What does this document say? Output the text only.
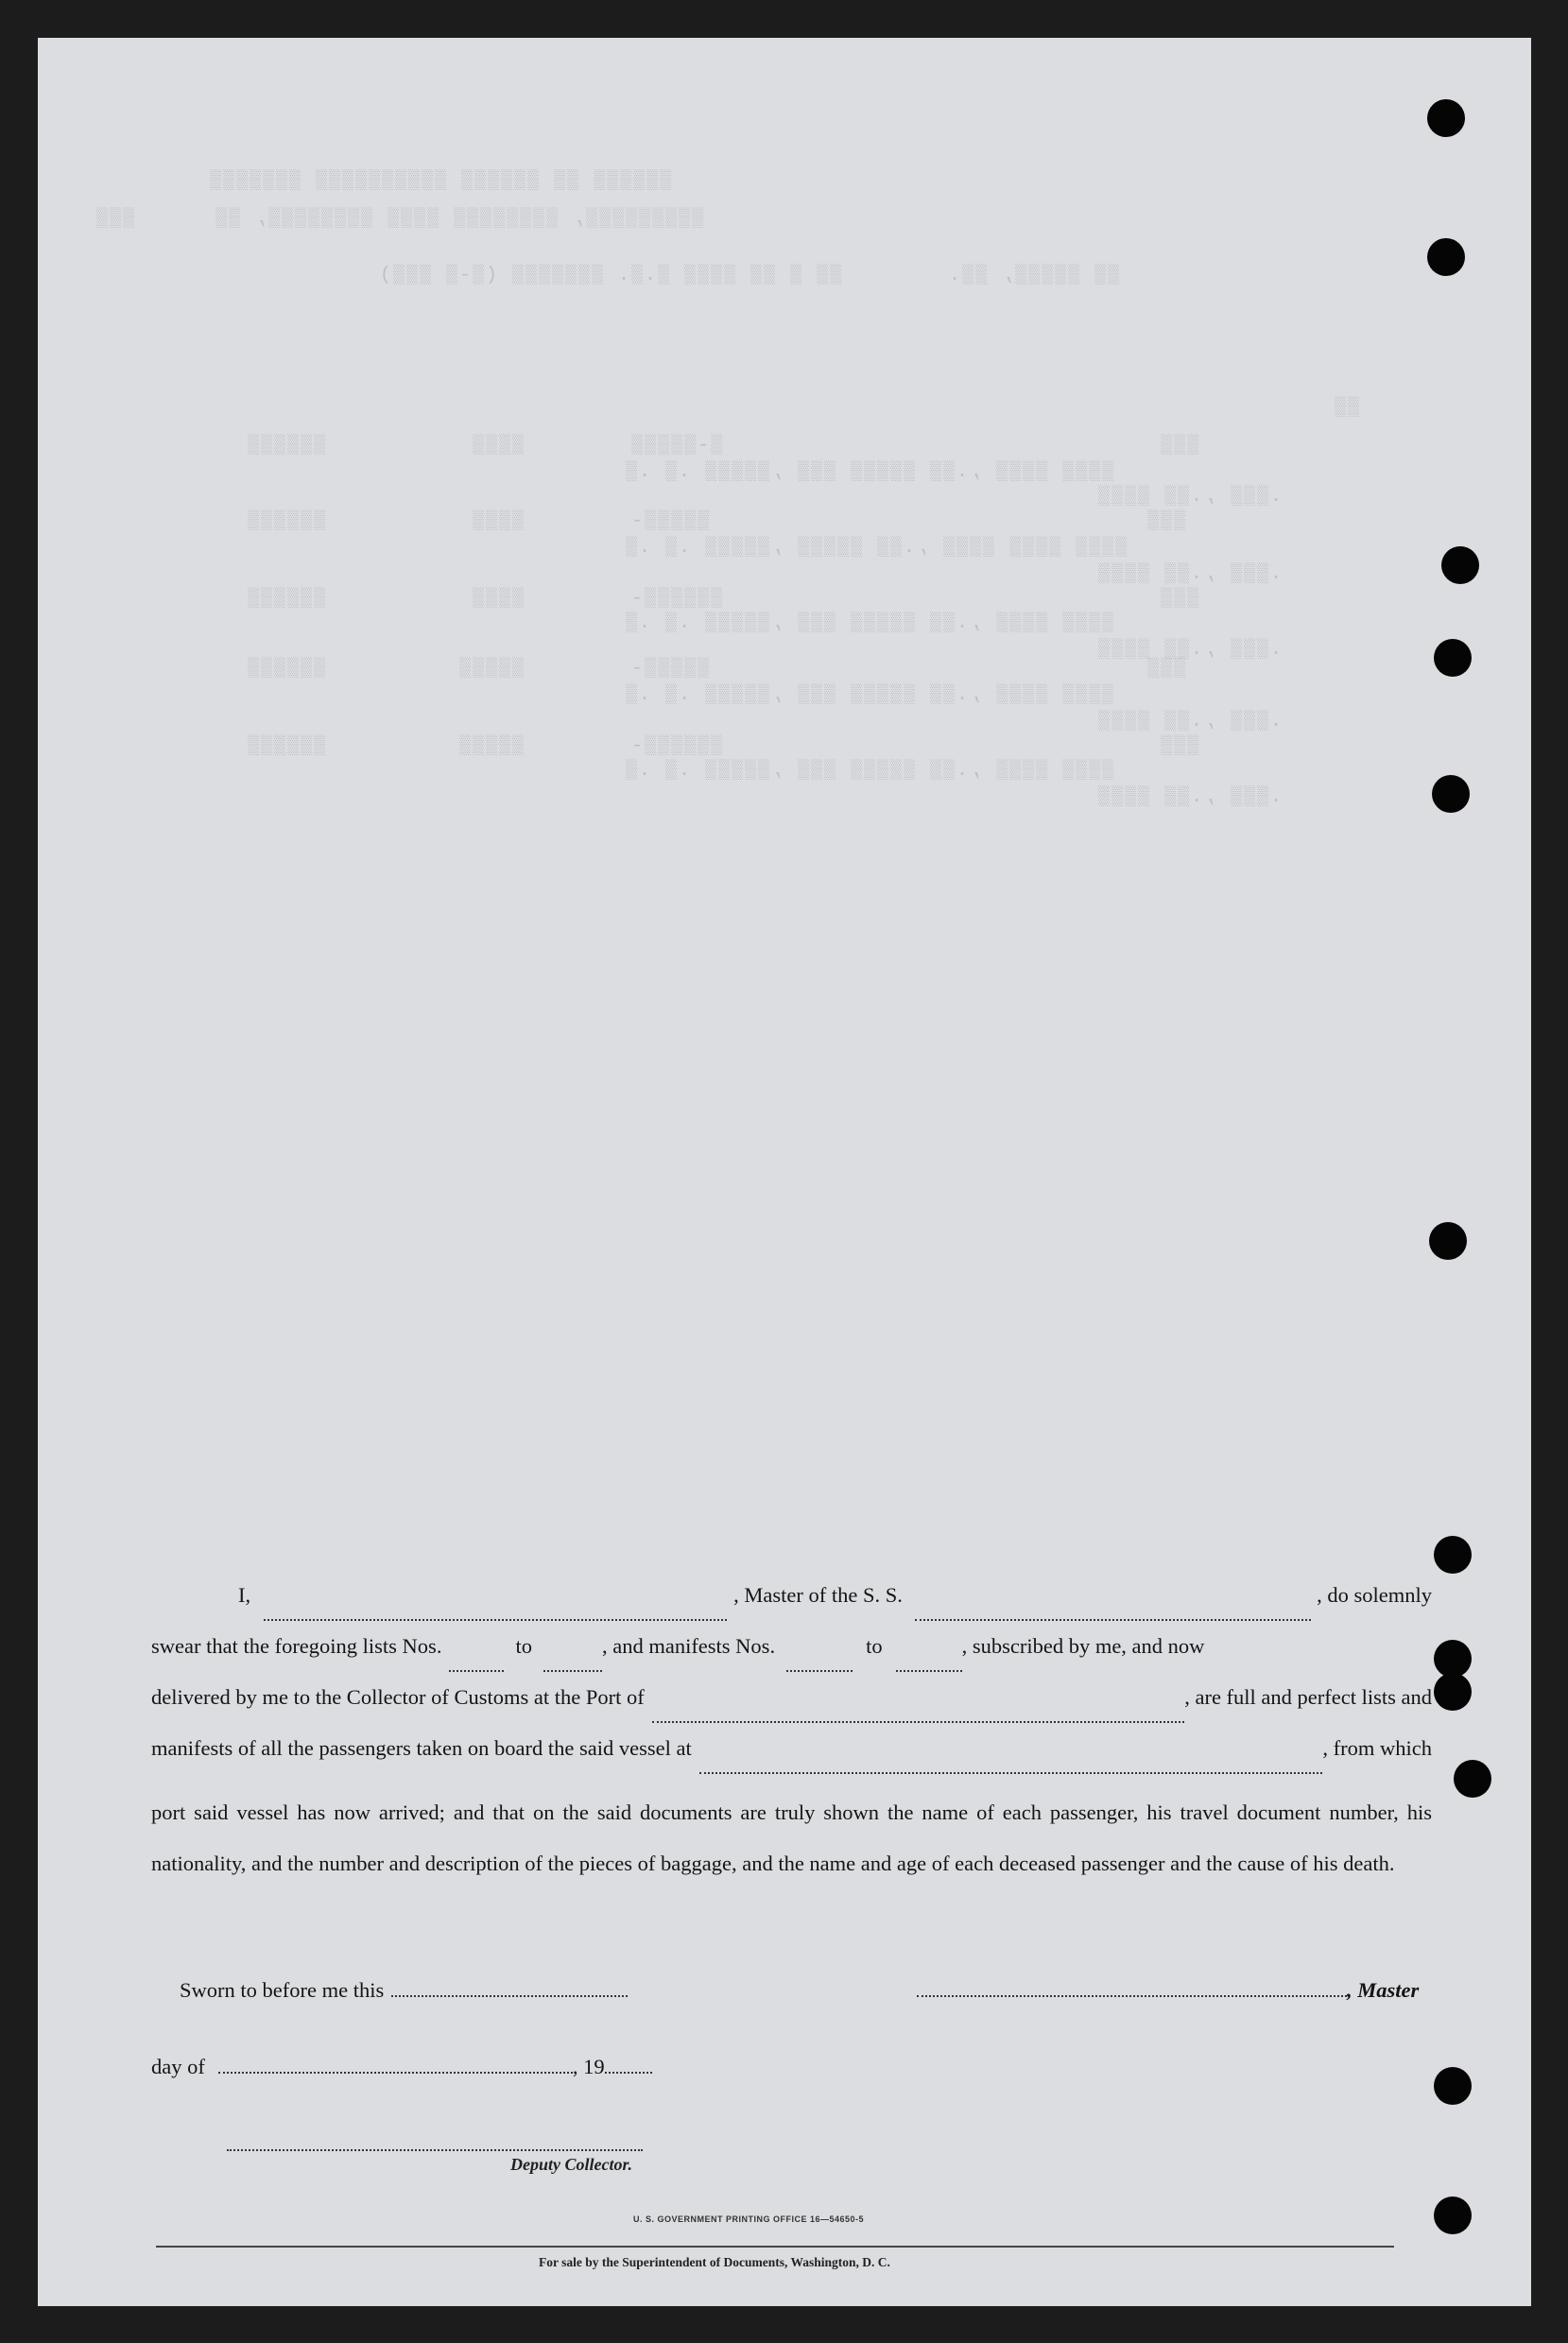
▒▒▒▒▒▒ ▒▒ ▒▒▒▒▒▒ ▒▒▒▒▒▒▒▒▒▒ ▒▒▒▒▒▒▒
▒▒▒▒▒▒▒▒▒, ▒▒▒▒▒▒▒▒ ▒▒▒▒ ▒▒▒▒▒▒▒▒, ▒▒      ▒▒▒
▒▒ ▒▒▒▒▒, ▒▒.        ▒▒ ▒ ▒▒ ▒▒▒▒ ▒.▒. ▒▒▒▒▒▒▒ (▒-▒ ▒▒▒)
▒▒
▒▒▒                                 ▒-▒▒▒▒▒        ▒▒▒▒           ▒▒▒▒▒▒
▒▒▒▒ ▒▒▒▒ ,.▒▒ ▒▒▒▒▒ ▒▒▒ ,▒▒▒▒▒ .▒ .▒
.▒▒▒ ,.▒▒ ▒▒▒▒
▒▒▒                                 ▒▒▒▒▒-        ▒▒▒▒           ▒▒▒▒▒▒
▒▒▒▒ ▒▒▒▒ ▒▒▒▒ ,.▒▒ ▒▒▒▒▒ ,▒▒▒▒▒ .▒ .▒
.▒▒▒ ,.▒▒ ▒▒▒▒
▒▒▒                                 ▒▒▒▒▒▒-        ▒▒▒▒           ▒▒▒▒▒▒
▒▒▒▒ ▒▒▒▒ ,.▒▒ ▒▒▒▒▒ ▒▒▒ ,▒▒▒▒▒ .▒ .▒
.▒▒▒ ,.▒▒ ▒▒▒▒
▒▒▒                                 ▒▒▒▒▒-        ▒▒▒▒▒          ▒▒▒▒▒▒
▒▒▒▒ ▒▒▒▒ ,.▒▒ ▒▒▒▒▒ ▒▒▒ ,▒▒▒▒▒ .▒ .▒
.▒▒▒ ,.▒▒ ▒▒▒▒
▒▒▒                                 ▒▒▒▒▒▒-        ▒▒▒▒▒          ▒▒▒▒▒▒
▒▒▒▒ ▒▒▒▒ ,.▒▒ ▒▒▒▒▒ ▒▒▒ ,▒▒▒▒▒ .▒ .▒
.▒▒▒ ,.▒▒ ▒▒▒▒
I,	, Master of the S. S.	, do solemnly
swear that the foregoing lists Nos.	to	, and manifests Nos.	to	, subscribed by me, and now
delivered by me to the Collector of Customs at the Port of	, are full and perfect lists and
manifests of all the passengers taken on board the said vessel at	, from which
port said vessel has now arrived; and that on the said documents are truly shown the name of each passenger, his travel document number, his nationality, and the number and description of the pieces of baggage, and the name and age of each deceased passenger and the cause of his death.
Sworn to before me this	, Master
day of	, 19
Deputy Collector.
U. S. GOVERNMENT PRINTING OFFICE 16—54650-5
For sale by the Superintendent of Documents, Washington, D. C.
